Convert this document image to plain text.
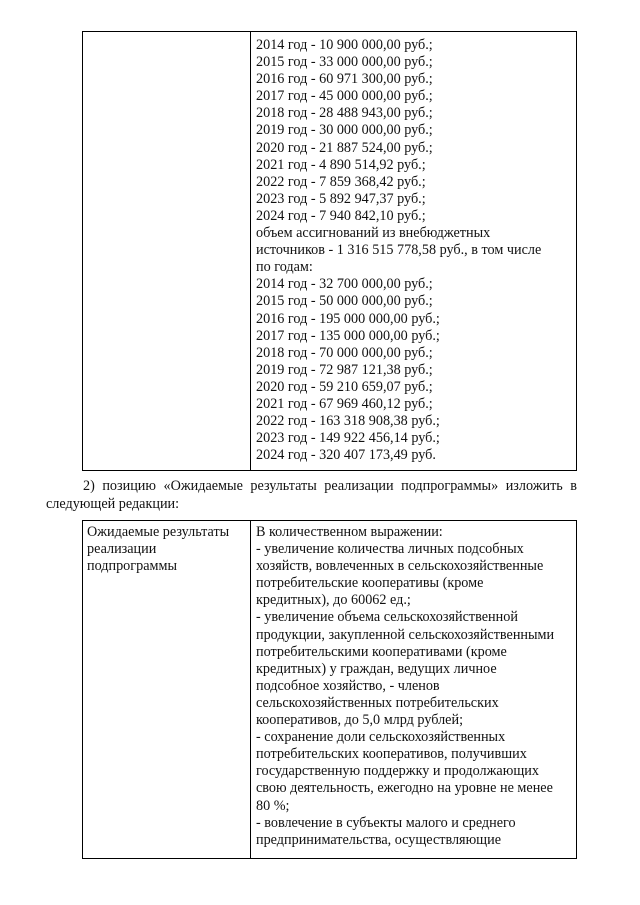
2014 год - 10 900 000,00 руб.;
2015 год - 33 000 000,00 руб.;
2016 год - 60 971 300,00 руб.;
2017 год - 45 000 000,00 руб.;
2018 год - 28 488 943,00 руб.;
2019 год - 30 000 000,00 руб.;
2020 год - 21 887 524,00 руб.;
2021 год - 4 890 514,92 руб.;
2022 год - 7 859 368,42 руб.;
2023 год - 5 892 947,37 руб.;
2024 год - 7 940 842,10 руб.;
объем ассигнований из внебюджетных
источников - 1 316 515 778,58 руб., в том числе
по годам:
2014 год - 32 700 000,00 руб.;
2015 год - 50 000 000,00 руб.;
2016 год - 195 000 000,00 руб.;
2017 год - 135 000 000,00 руб.;
2018 год - 70 000 000,00 руб.;
2019 год - 72 987 121,38 руб.;
2020 год - 59 210 659,07 руб.;
2021 год - 67 969 460,12 руб.;
2022 год - 163 318 908,38 руб.;
2023 год - 149 922 456,14 руб.;
2024 год - 320 407 173,49 руб.
2) позицию «Ожидаемые результаты реализации подпрограммы» изложить в
следующей редакции:
Ожидаемые результаты
реализации
подпрограммы
В количественном выражении:
- увеличение количества личных подсобных
хозяйств, вовлеченных в сельскохозяйственные
потребительские кооперативы (кроме
кредитных), до 60062 ед.;
- увеличение объема сельскохозяйственной
продукции, закупленной сельскохозяйственными
потребительскими кооперативами (кроме
кредитных) у граждан, ведущих личное
подсобное хозяйство, - членов
сельскохозяйственных потребительских
кооперативов, до 5,0 млрд рублей;
- сохранение доли сельскохозяйственных
потребительских кооперативов, получивших
государственную поддержку и продолжающих
свою деятельность, ежегодно на уровне не менее
80 %;
- вовлечение в субъекты малого и среднего
предпринимательства, осуществляющие
